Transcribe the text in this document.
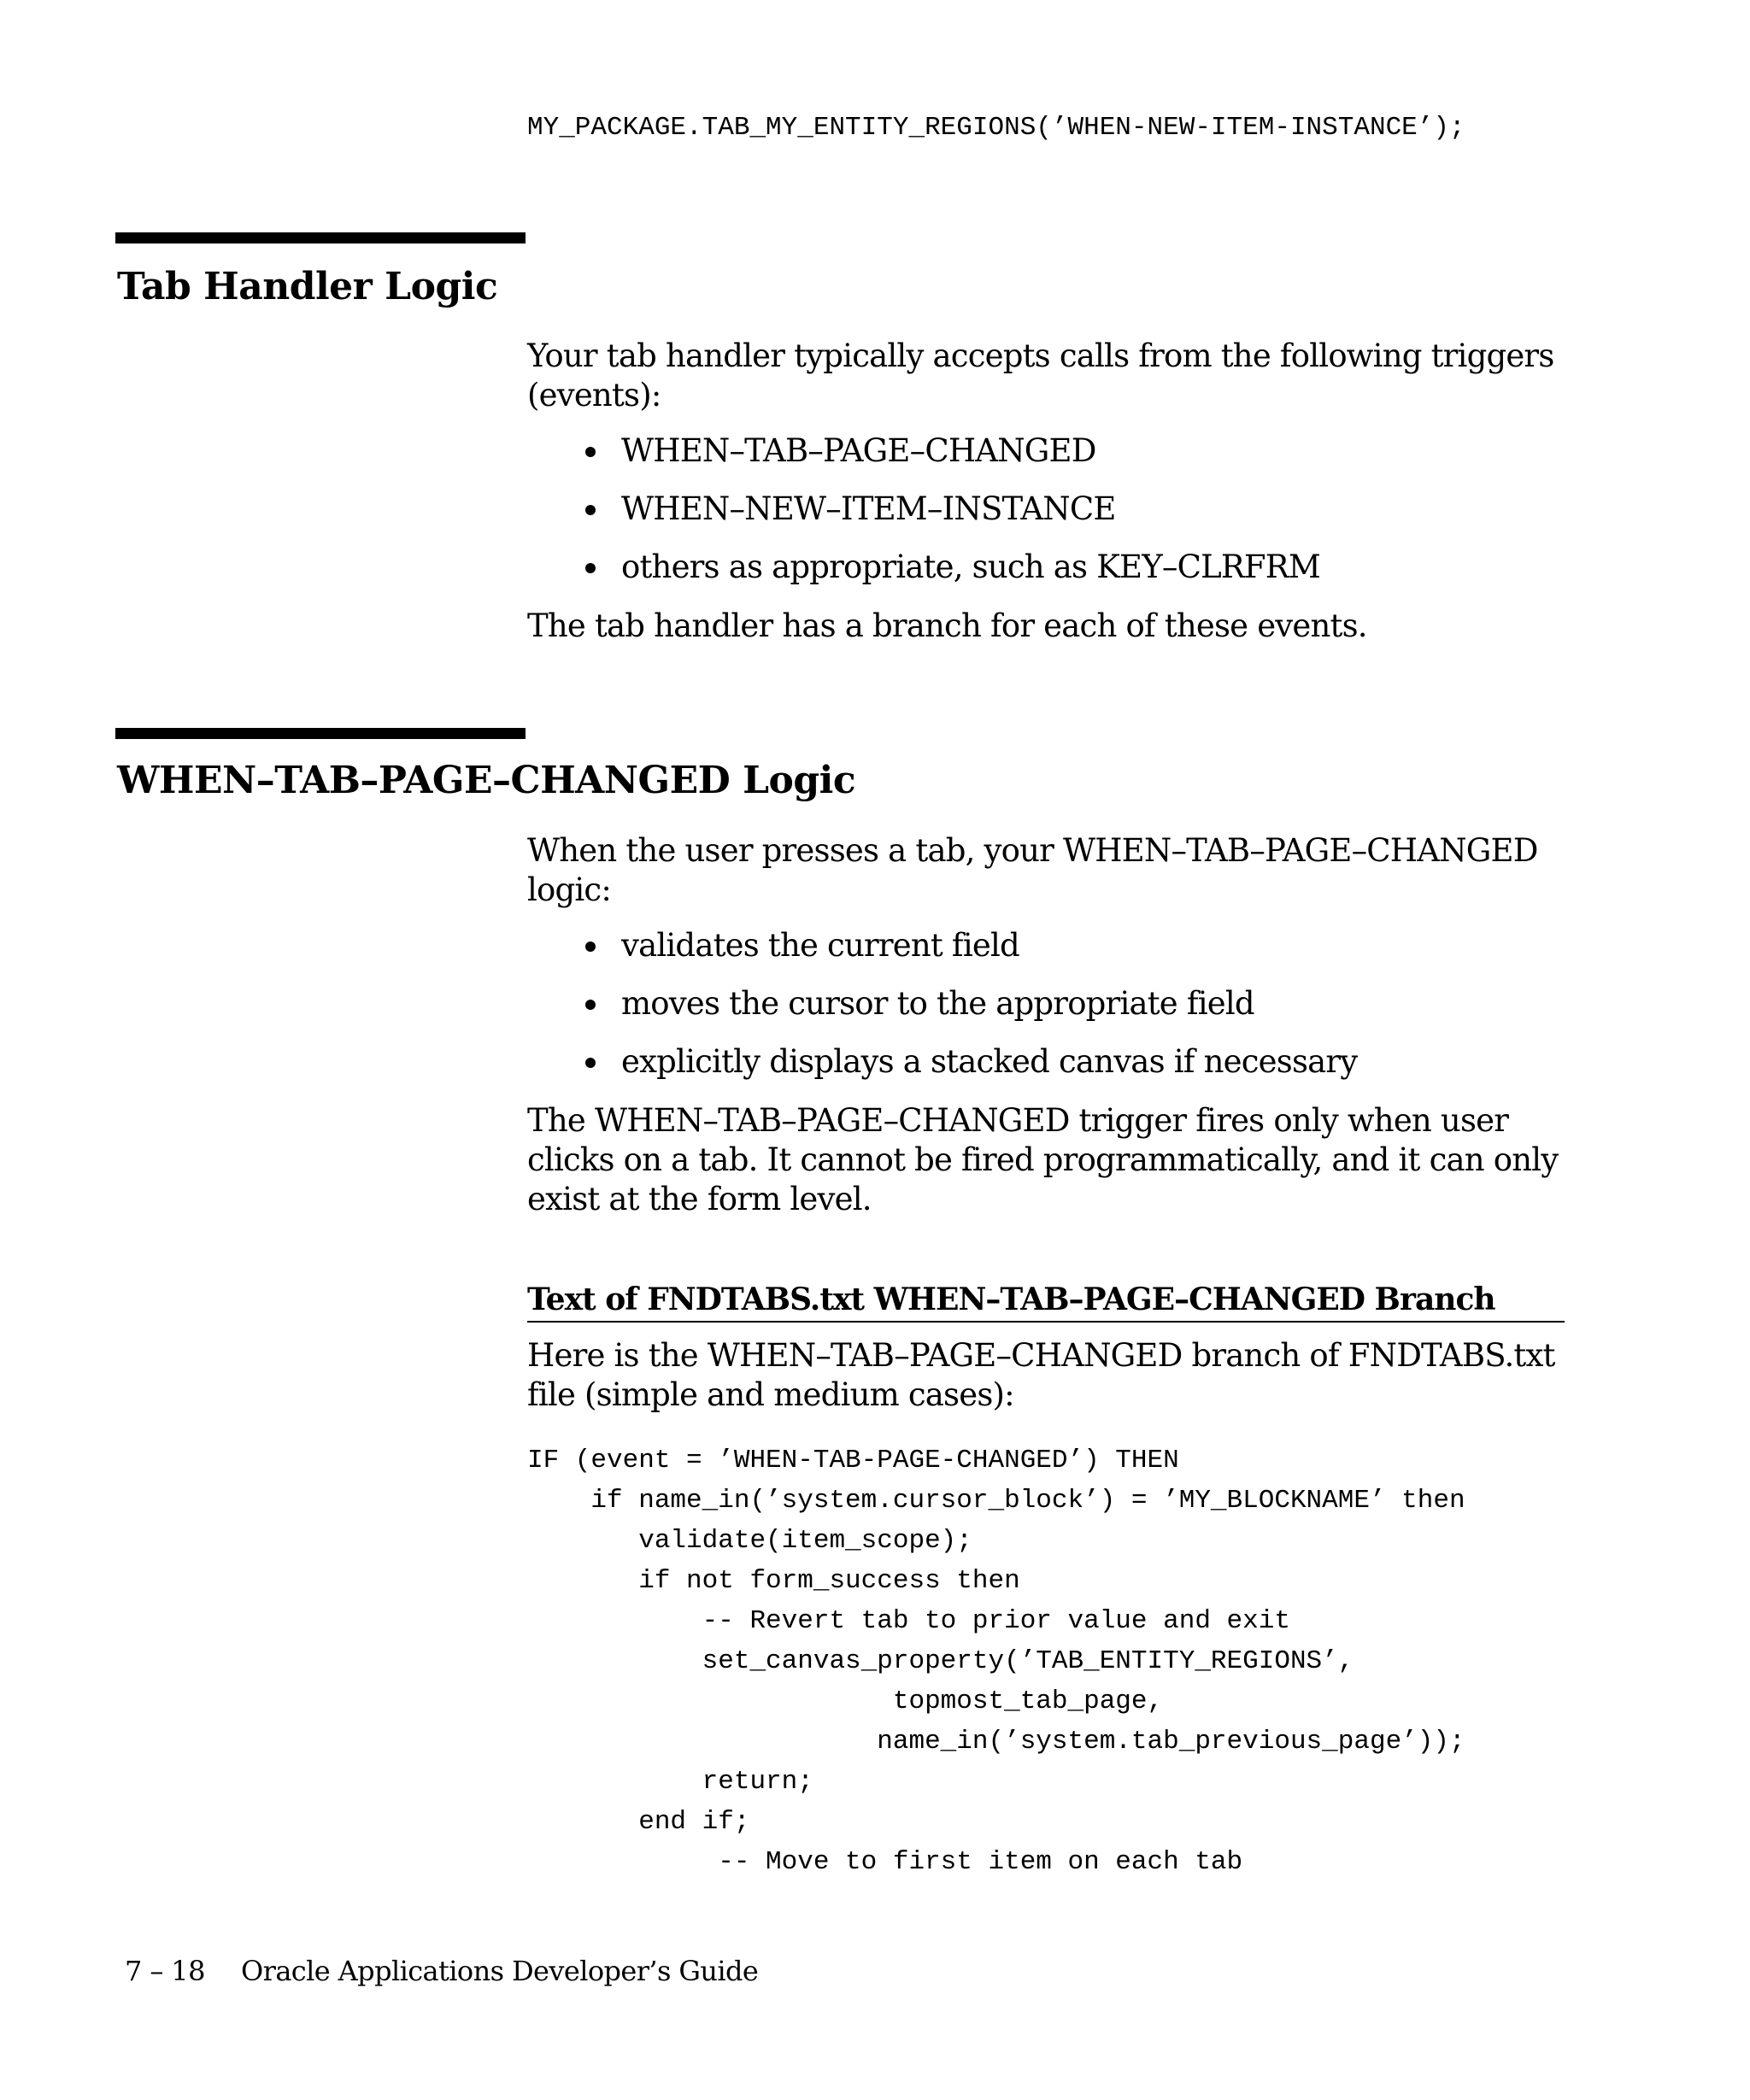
MY_PACKAGE.TAB_MY_ENTITY_REGIONS(’WHEN-NEW-ITEM-INSTANCE’);
Tab Handler Logic
Your tab handler typically accepts calls from the following triggers (events):
WHEN–TAB–PAGE–CHANGED
WHEN–NEW–ITEM–INSTANCE
others as appropriate, such as KEY–CLRFRM
The tab handler has a branch for each of these events.
WHEN–TAB–PAGE–CHANGED Logic
When the user presses a tab, your WHEN–TAB–PAGE–CHANGED logic:
validates the current field
moves the cursor to the appropriate field
explicitly displays a stacked canvas if necessary
The WHEN–TAB–PAGE–CHANGED trigger fires only when user clicks on a tab. It cannot be fired programmatically, and it can only exist at the form level.
Text of FNDTABS.txt WHEN–TAB–PAGE–CHANGED Branch
Here is the WHEN–TAB–PAGE–CHANGED branch of FNDTABS.txt file (simple and medium cases):
IF (event = ’WHEN-TAB-PAGE-CHANGED’) THEN
if name_in(’system.cursor_block’) = ’MY_BLOCKNAME’ then
validate(item_scope);
if not form_success then
-- Revert tab to prior value and exit
set_canvas_property(’TAB_ENTITY_REGIONS’,
topmost_tab_page,
name_in(’system.tab_previous_page’));
return;
end if;
-- Move to first item on each tab
7 – 18 Oracle Applications Developer’s Guide
